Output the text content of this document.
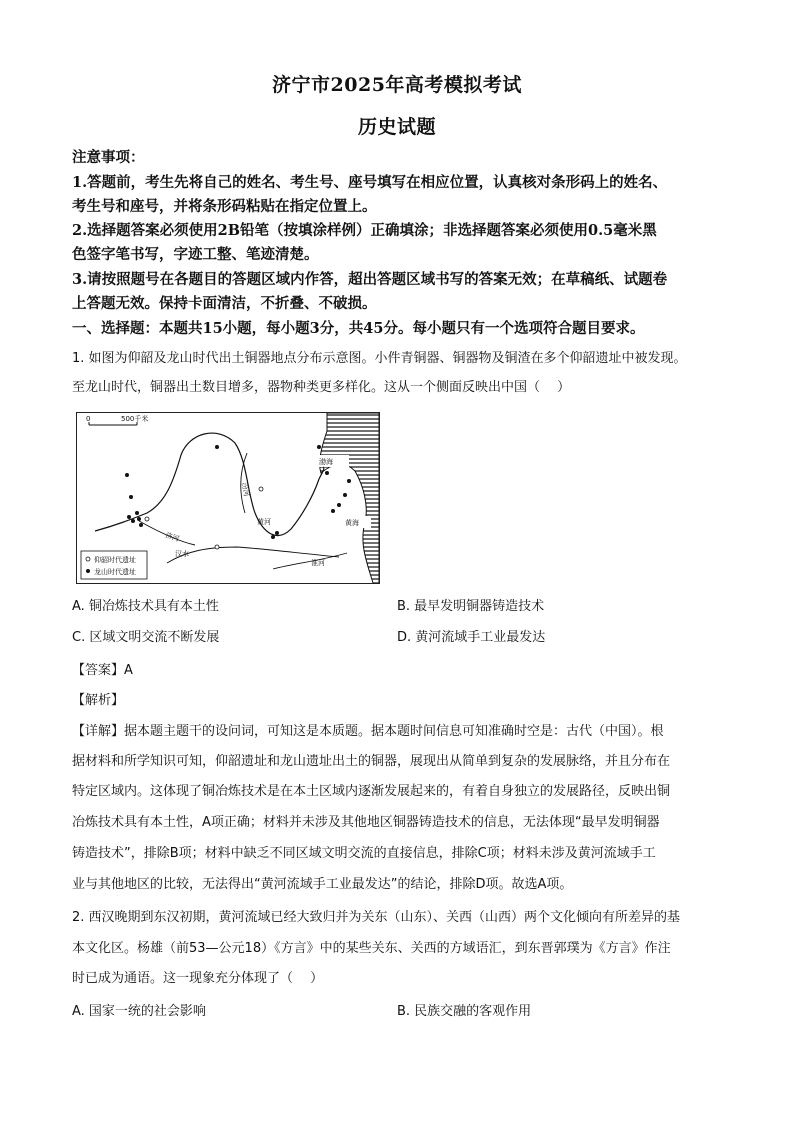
济宁市2025年高考模拟考试
历史试题
注意事项：
1.答题前，考生先将自己的姓名、考生号、座号填写在相应位置，认真核对条形码上的姓名、
考生号和座号，并将条形码粘贴在指定位置上。
2.选择题答案必须使用2B铅笔（按填涂样例）正确填涂；非选择题答案必须使用0.5毫米黑
色签字笔书写，字迹工整、笔迹清楚。
3.请按照题号在各题目的答题区域内作答，超出答题区域书写的答案无效；在草稿纸、试题卷
上答题无效。保持卡面清洁，不折叠、不破损。
一、选择题：本题共15小题，每小题3分，共45分。每小题只有一个选项符合题目要求。
1. 如图为仰韶及龙山时代出土铜器地点分布示意图。小件青铜器、铜器物及铜渣在多个仰韶遗址中被发现。
至龙山时代，铜器出土数目增多，器物种类更多样化。这从一个侧面反映出中国（　 ）
0	500千米
渤海
黄海
黄河
济河
汾河
汉水
淮河
仰韶时代遗址
龙山时代遗址
A. 铜冶炼技术具有本土性	B. 最早发明铜器铸造技术
C. 区域文明交流不断发展	D. 黄河流域手工业最发达
【答案】A
【解析】
【详解】据本题主题干的设问词，可知这是本质题。据本题时间信息可知准确时空是：古代（中国）。根
据材料和所学知识可知，仰韶遗址和龙山遗址出土的铜器，展现出从简单到复杂的发展脉络，并且分布在
特定区域内。这体现了铜冶炼技术是在本土区域内逐渐发展起来的，有着自身独立的发展路径，反映出铜
冶炼技术具有本土性，A项正确；材料并未涉及其他地区铜器铸造技术的信息，无法体现“最早发明铜器
铸造技术”，排除B项；材料中缺乏不同区域文明交流的直接信息，排除C项；材料未涉及黄河流域手工
业与其他地区的比较，无法得出“黄河流域手工业最发达”的结论，排除D项。故选A项。
2. 西汉晚期到东汉初期，黄河流域已经大致归并为关东（山东）、关西（山西）两个文化倾向有所差异的基
本文化区。杨雄（前53—公元18）《方言》中的某些关东、关西的方域语汇，到东晋郭璞为《方言》作注
时已成为通语。这一现象充分体现了（　 ）
A. 国家一统的社会影响	B. 民族交融的客观作用
